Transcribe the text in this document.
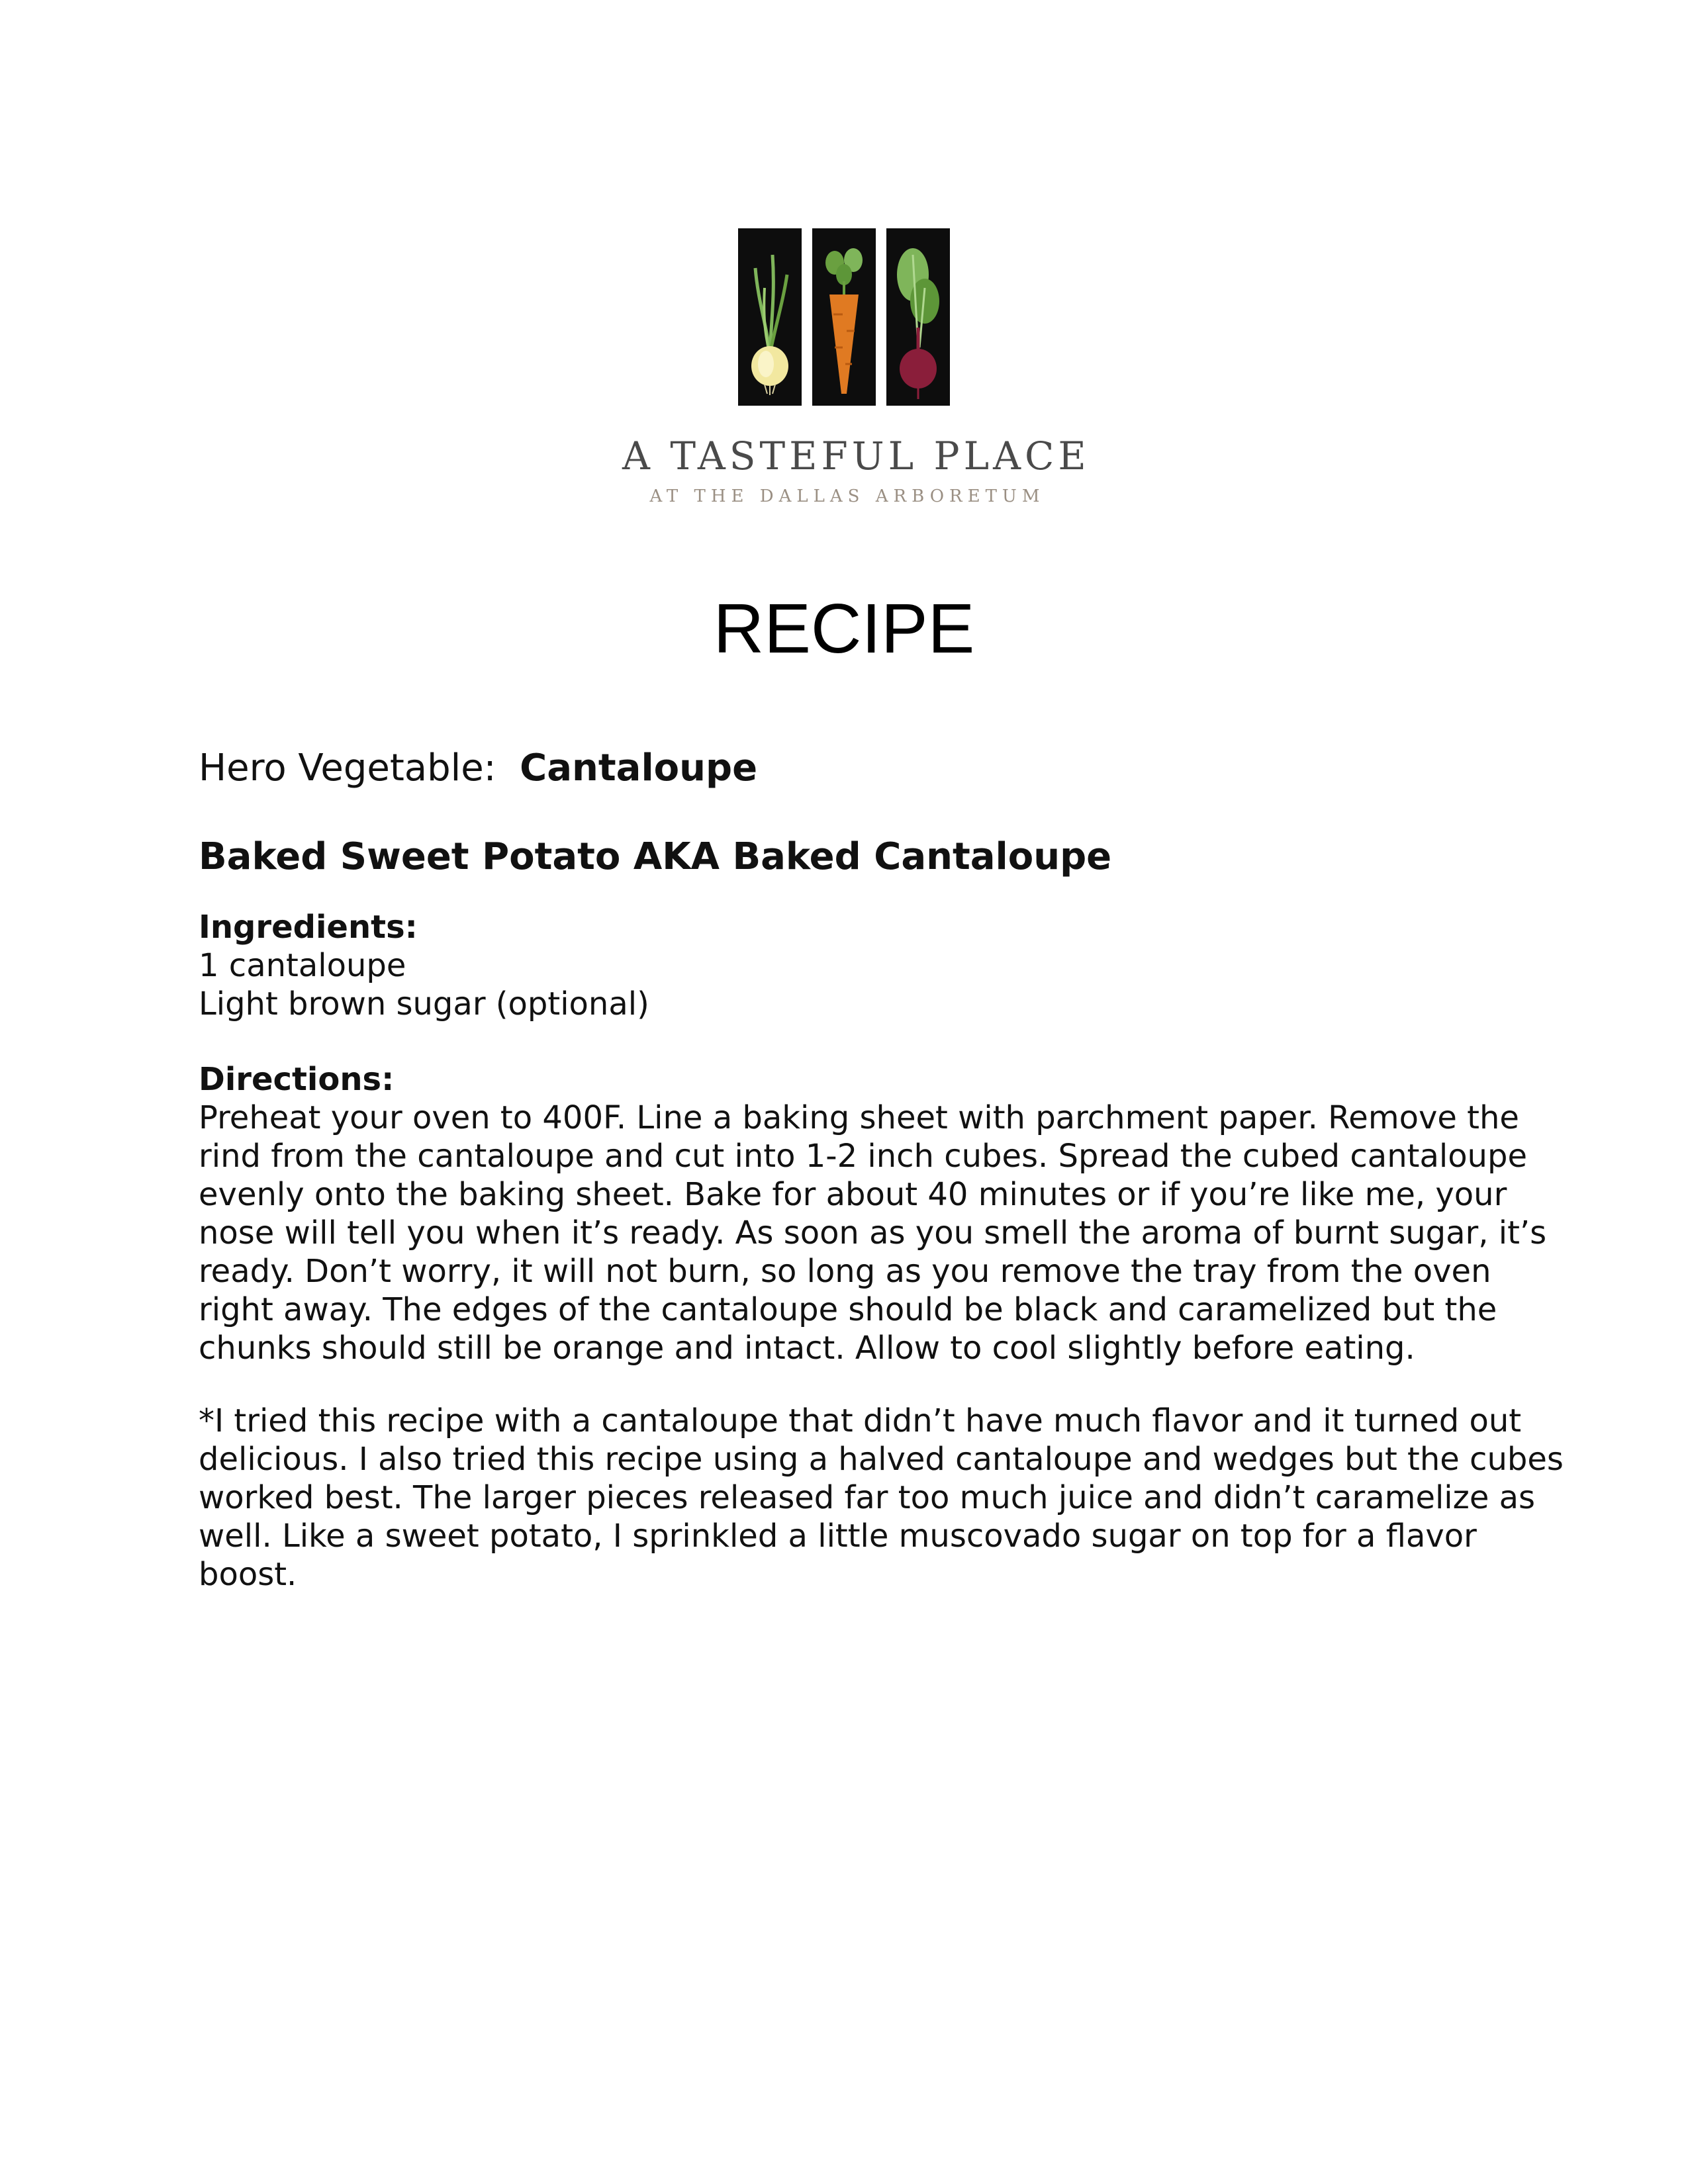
A TASTEFUL PLACE
AT THE DALLAS ARBORETUM
RECIPE
Hero Vegetable: Cantaloupe
Baked Sweet Potato AKA Baked Cantaloupe
Ingredients:
1 cantaloupe
Light brown sugar (optional)
Directions:
Preheat your oven to 400F. Line a baking sheet with parchment paper. Remove the
rind from the cantaloupe and cut into 1-2 inch cubes. Spread the cubed cantaloupe
evenly onto the baking sheet. Bake for about 40 minutes or if you’re like me, your
nose will tell you when it’s ready. As soon as you smell the aroma of burnt sugar, it’s
ready. Don’t worry, it will not burn, so long as you remove the tray from the oven
right away. The edges of the cantaloupe should be black and caramelized but the
chunks should still be orange and intact. Allow to cool slightly before eating.
*I tried this recipe with a cantaloupe that didn’t have much flavor and it turned out
delicious. I also tried this recipe using a halved cantaloupe and wedges but the cubes
worked best. The larger pieces released far too much juice and didn’t caramelize as
well. Like a sweet potato, I sprinkled a little muscovado sugar on top for a flavor
boost.
